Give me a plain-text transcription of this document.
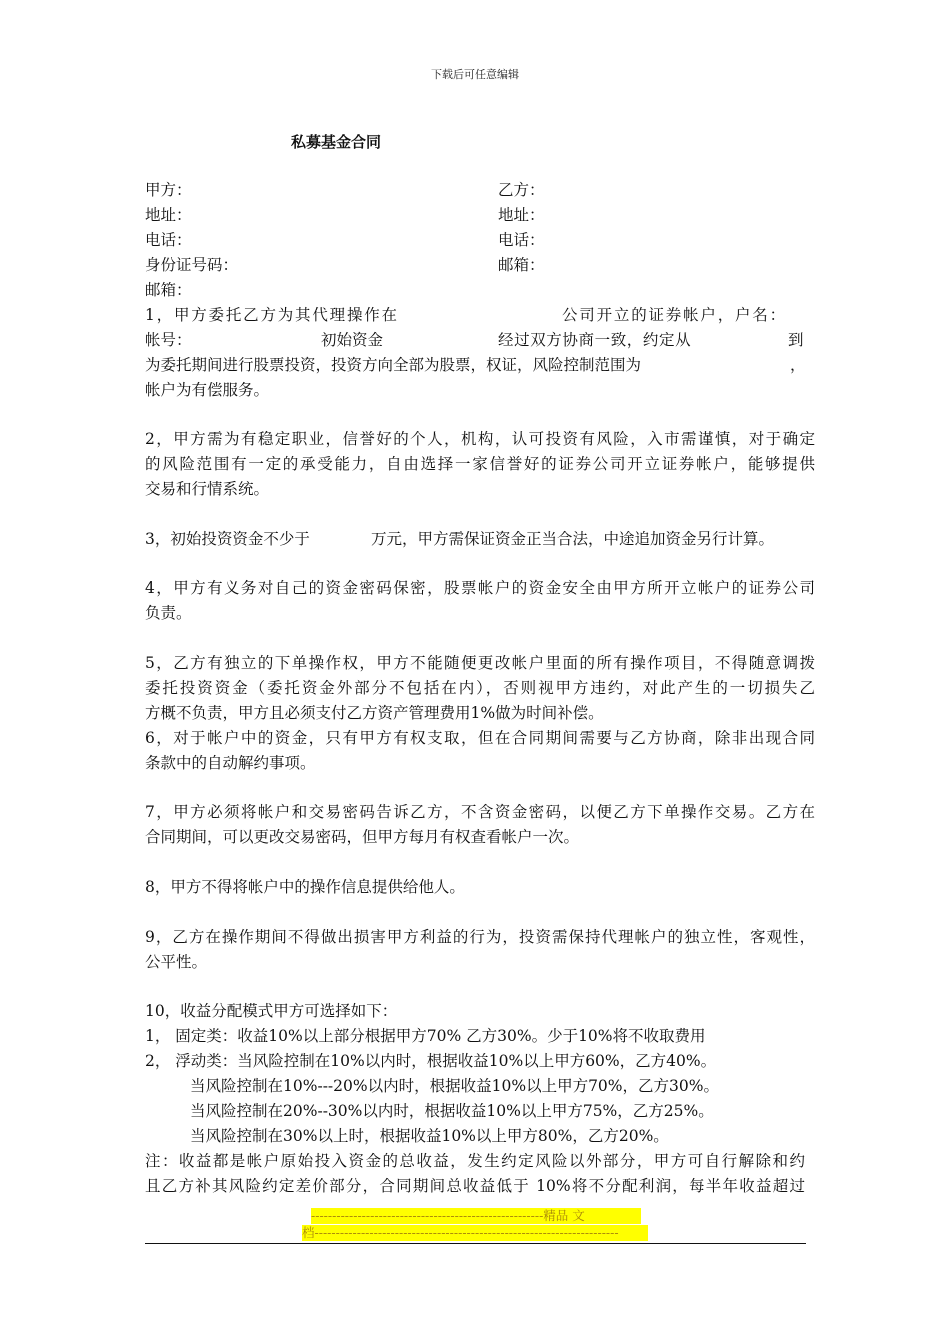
下载后可任意编辑
私募基金合同
甲方：	乙方：
地址：	地址：
电话：	电话：
身份证号码：	邮箱：
邮箱：
1，甲方委托乙方为其代理操作在	公司开立的证券帐户，户名：
帐号：	初始资金	经过双方协商一致，约定从	到
为委托期间进行股票投资，投资方向全部为股票，权证，风险控制范围为	，
帐户为有偿服务。
2，甲方需为有稳定职业，信誉好的个人，机构，认可投资有风险，入市需谨慎，对于确定
的风险范围有一定的承受能力，自由选择一家信誉好的证券公司开立证券帐户，能够提供
交易和行情系统。
3，初始投资资金不少于	万元，甲方需保证资金正当合法，中途追加资金另行计算。
4，甲方有义务对自己的资金密码保密，股票帐户的资金安全由甲方所开立帐户的证券公司
负责。
5，乙方有独立的下单操作权，甲方不能随便更改帐户里面的所有操作项目，不得随意调拨
委托投资资金（委托资金外部分不包括在内），否则视甲方违约，对此产生的一切损失乙
方概不负责，甲方且必须支付乙方资产管理费用1%做为时间补偿。
6，对于帐户中的资金，只有甲方有权支取，但在合同期间需要与乙方协商，除非出现合同
条款中的自动解约事项。
7，甲方必须将帐户和交易密码告诉乙方，不含资金密码，以便乙方下单操作交易。乙方在
合同期间，可以更改交易密码，但甲方每月有权查看帐户一次。
8，甲方不得将帐户中的操作信息提供给他人。
9，乙方在操作期间不得做出损害甲方利益的行为，投资需保持代理帐户的独立性，客观性，
公平性。
10，收益分配模式甲方可选择如下：
1， 固定类：收益10%以上部分根据甲方70% 乙方30%。少于10%将不收取费用
2， 浮动类：当风险控制在10%以内时，根据收益10%以上甲方60%，乙方40%。
当风险控制在10%---20%以内时，根据收益10%以上甲方70%，乙方30%。
当风险控制在20%--30%以内时，根据收益10%以上甲方75%，乙方25%。
当风险控制在30%以上时，根据收益10%以上甲方80%，乙方20%。
注：收益都是帐户原始投入资金的总收益，发生约定风险以外部分，甲方可自行解除和约
且乙方补其风险约定差价部分，合同期间总收益低于 10%将不分配利润，每半年收益超过
-------------------------------------------------------精品 文
档------------------------------------------------------------------------
